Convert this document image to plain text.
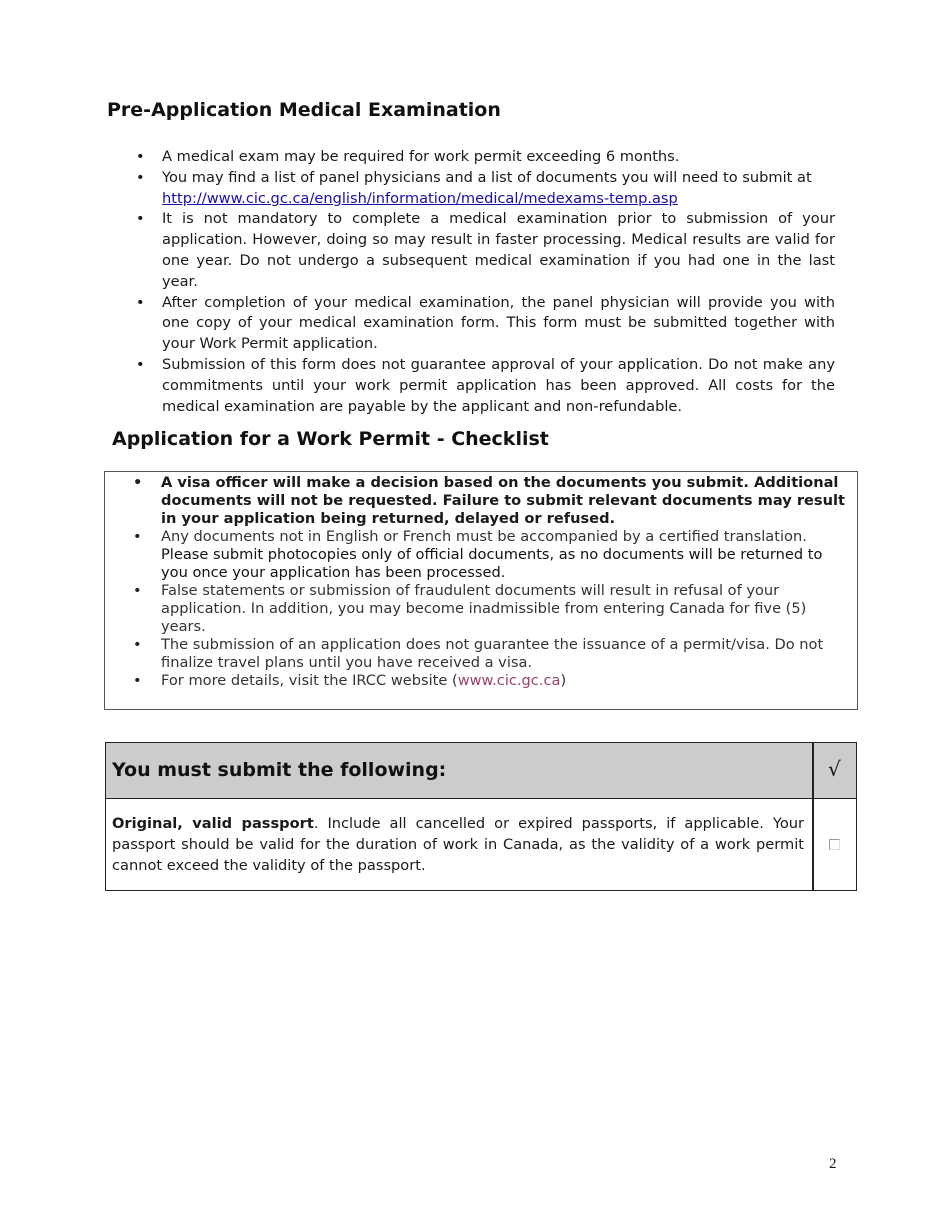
Pre-Application Medical Examination
• A medical exam may be required for work permit exceeding 6 months.
• You may find a list of panel physicians and a list of documents you will need to submit at
http://www.cic.gc.ca/english/information/medical/medexams-temp.asp
• It is not mandatory to complete a medical examination prior to submission of your application. However, doing so may result in faster processing. Medical results are valid for one year. Do not undergo a subsequent medical examination if you had one in the last year.
• After completion of your medical examination, the panel physician will provide you with one copy of your medical examination form. This form must be submitted together with your Work Permit application.
• Submission of this form does not guarantee approval of your application. Do not make any commitments until your work permit application has been approved. All costs for the medical examination are payable by the applicant and non-refundable.
Application for a Work Permit - Checklist
• A visa officer will make a decision based on the documents you submit. Additional documents will not be requested. Failure to submit relevant documents may result in your application being returned, delayed or refused.
• Any documents not in English or French must be accompanied by a certified translation. Please submit photocopies only of official documents, as no documents will be returned to you once your application has been processed.
• False statements or submission of fraudulent documents will result in refusal of your application. In addition, you may become inadmissible from entering Canada for five (5) years.
• The submission of an application does not guarantee the issuance of a permit/visa. Do not finalize travel plans until you have received a visa.
• For more details, visit the IRCC website (www.cic.gc.ca)
You must submit the following:	√
Original, valid passport. Include all cancelled or expired passports, if applicable. Your passport should be valid for the duration of work in Canada, as the validity of a work permit cannot exceed the validity of the passport.
2
